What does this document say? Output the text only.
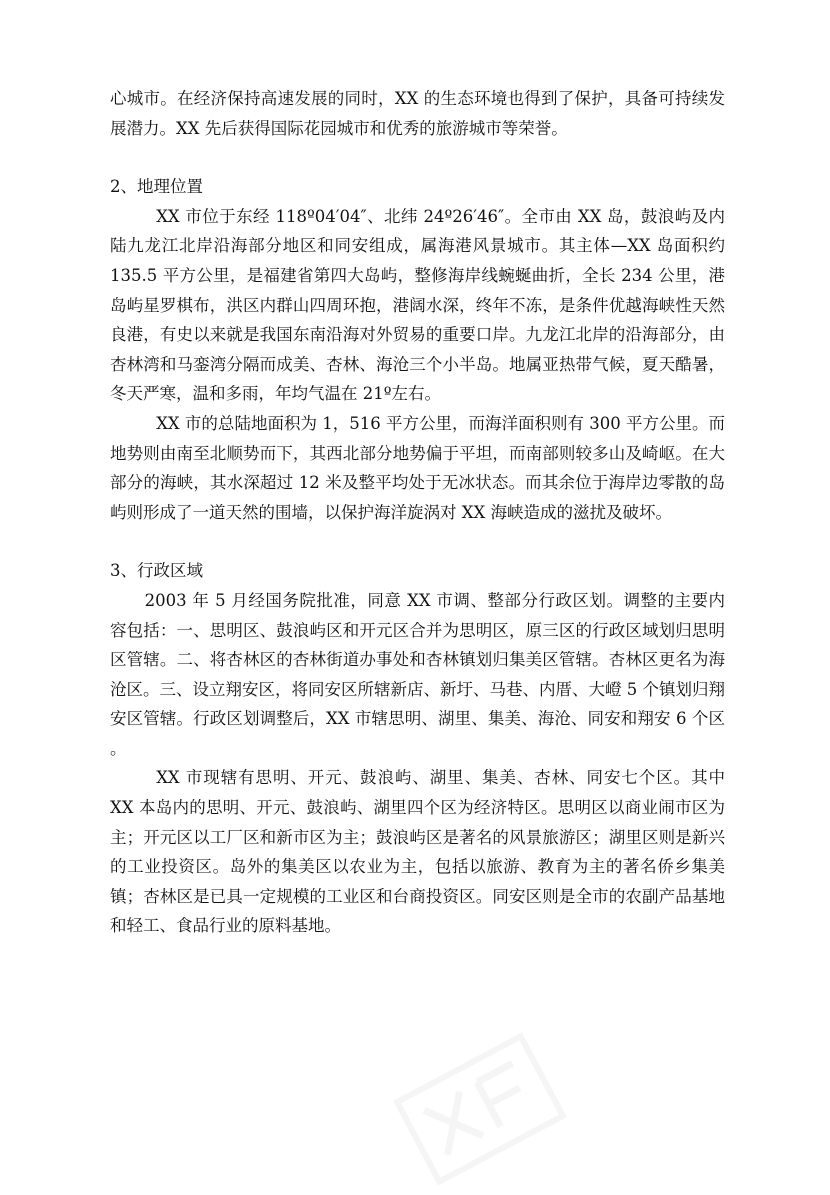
心城市。在经济保持高速发展的同时，XX 的生态环境也得到了保护，具备可持续发展潜力。XX 先后获得国际花园城市和优秀的旅游城市等荣誉。

2、地理位置

XX 市位于东经 118º04′04″、北纬 24º26′46″。全市由 XX 岛，鼓浪屿及内陆九龙江北岸沿海部分地区和同安组成，属海港风景城市。其主体—XX 岛面积约 135.5 平方公里，是福建省第四大岛屿，整修海岸线蜿蜒曲折，全长 234 公里，港岛屿星罗棋布，洪区内群山四周环抱，港阔水深，终年不冻，是条件优越海峡性天然良港，有史以来就是我国东南沿海对外贸易的重要口岸。九龙江北岸的沿海部分，由杏林湾和马銮湾分隔而成美、杏林、海沧三个小半岛。地属亚热带气候，夏天酷暑，冬天严寒，温和多雨，年均气温在 21º左右。

XX 市的总陆地面积为 1，516 平方公里，而海洋面积则有 300 平方公里。而地势则由南至北顺势而下，其西北部分地势偏于平坦，而南部则较多山及崎岖。在大部分的海峡，其水深超过 12 米及整平均处于无冰状态。而其余位于海岸边零散的岛屿则形成了一道天然的围墙，以保护海洋旋涡对 XX 海峡造成的滋扰及破坏。

3、行政区域

2003 年 5 月经国务院批准，同意 XX 市调、整部分行政区划。调整的主要内容包括：一、思明区、鼓浪屿区和开元区合并为思明区，原三区的行政区域划归思明区管辖。二、将杏林区的杏林街道办事处和杏林镇划归集美区管辖。杏林区更名为海沧区。三、设立翔安区，将同安区所辖新店、新圩、马巷、内厝、大嶝 5 个镇划归翔安区管辖。行政区划调整后，XX 市辖思明、湖里、集美、海沧、同安和翔安 6 个区 。

XX 市现辖有思明、开元、鼓浪屿、湖里、集美、杏林、同安七个区。其中 XX 本岛内的思明、开元、鼓浪屿、湖里四个区为经济特区。思明区以商业闹市区为主；开元区以工厂区和新市区为主；鼓浪屿区是著名的风景旅游区；湖里区则是新兴的工业投资区。岛外的集美区以农业为主，包括以旅游、教育为主的著名侨乡集美镇；杏林区是已具一定规模的工业区和台商投资区。同安区则是全市的农副产品基地和轻工、食品行业的原料基地。
